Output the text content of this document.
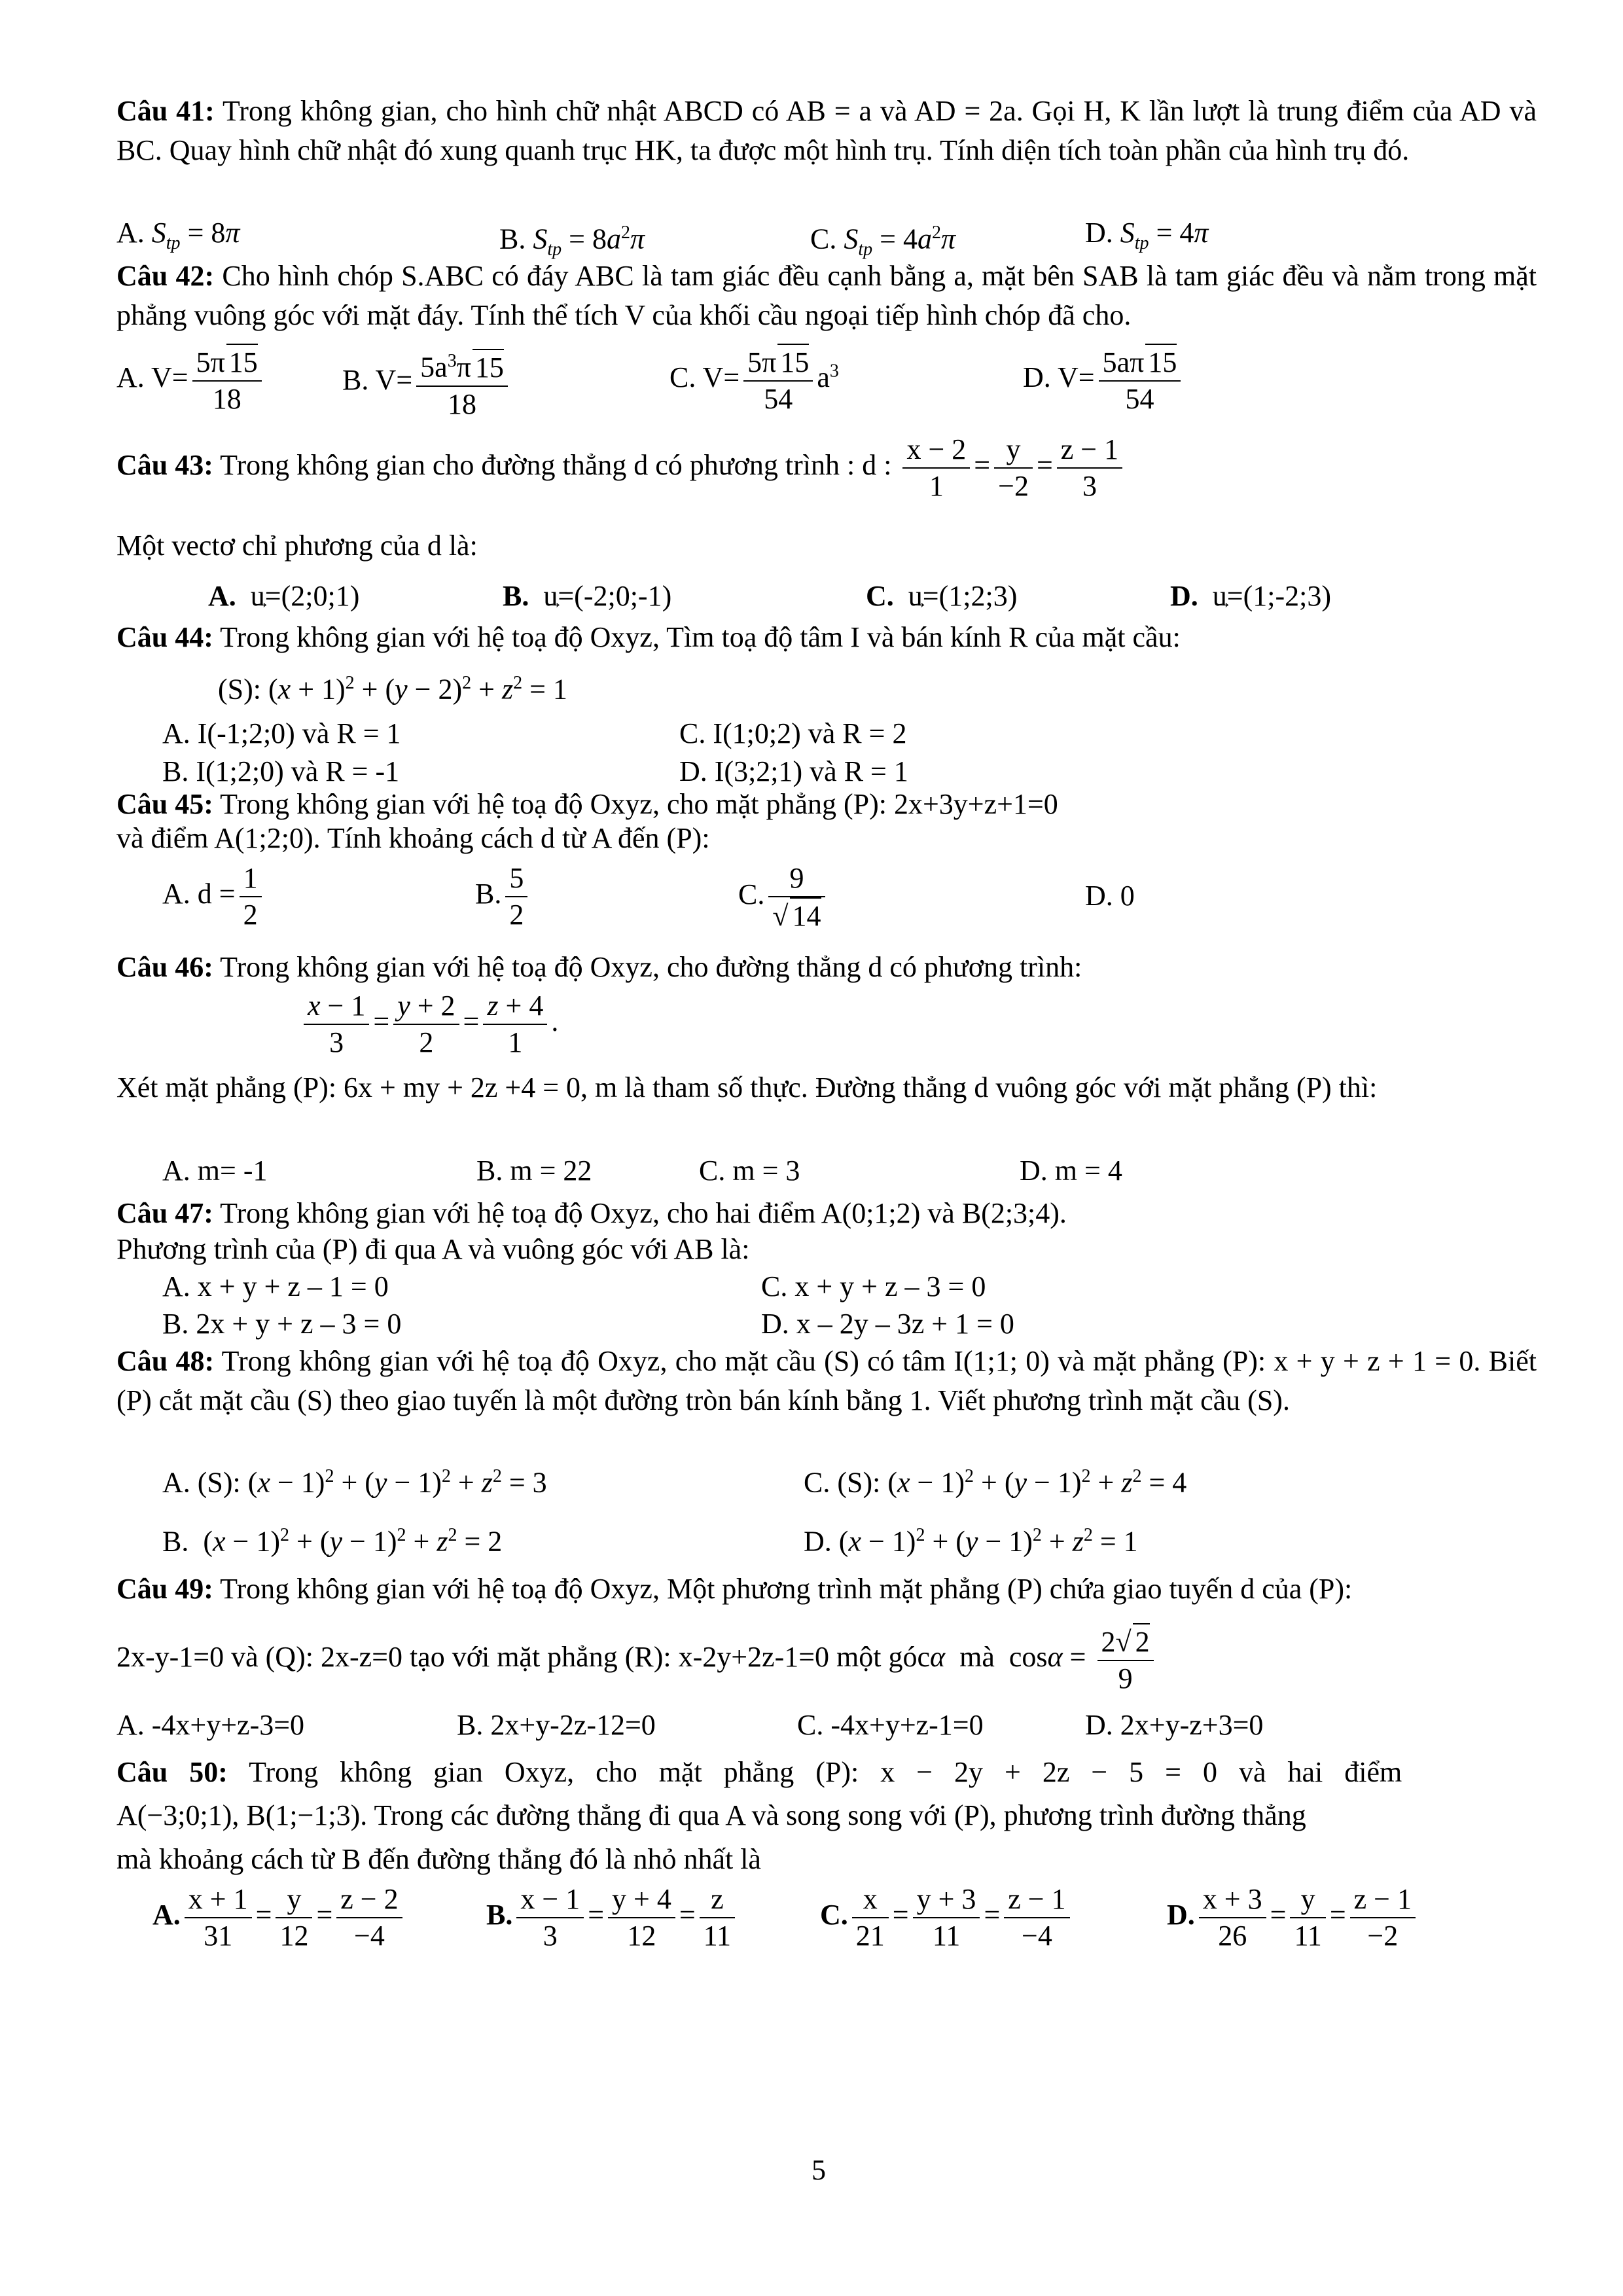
Câu 41: Trong không gian, cho hình chữ nhật ABCD có AB = a và AD = 2a. Gọi H, K lần lượt là trung điểm của AD và BC. Quay hình chữ nhật đó xung quanh trục HK, ta được một hình trụ. Tính diện tích toàn phần của hình trụ đó.
A. $S_{tp} = 8\pi$	B. $S_{tp} = 8a^2\pi$	C. $S_{tp} = 4a^2\pi$	D. $S_{tp} = 4\pi$
Câu 42: Cho hình chóp S.ABC có đáy ABC là tam giác đều cạnh bằng a, mặt bên SAB là tam giác đều và nằm trong mặt phẳng vuông góc với mặt đáy. Tính thể tích V của khối cầu ngoại tiếp hình chóp đã cho.
A. $V= \frac{5\pi 15}{18}$	B. $V= \frac{5a^3\pi 15}{18}$	C. $V= \frac{5\pi 15}{54} a^3$	D. $V= \frac{5a\pi 15}{54}$
Câu 43: Trong không gian cho đường thẳng d có phương trình : d : $\frac{x - 2}{1} = \frac{y}{-2} = \frac{z - 1}{3}$
Một vectơ chỉ phương của d là:
A. u=(2;0;1)	B. u=(-2;0;-1)	C. u=(1;2;3)	D. u=(1;-2;3)
Câu 44: Trong không gian với hệ toạ độ Oxyz, Tìm toạ độ tâm I và bán kính R của mặt cầu:
(S): $(x + 1)^2 + (y - 2)^2 + z^2 = 1$
A. I(-1;2;0) và R = 1	C. I(1;0;2) và R = 2
B. I(1;2;0) và R = -1	D. I(3;2;1) và R = 1
Câu 45: Trong không gian với hệ toạ độ Oxyz, cho mặt phẳng (P): 2x+3y+z+1=0
và điểm A(1;2;0). Tính khoảng cách d từ A đến (P):
A. $d = \frac{1}{2}$	B. $\frac{5}{2}$	C. $\frac{9}{√ 14}$	D. 0
Câu 46: Trong không gian với hệ toạ độ Oxyz, cho đường thẳng d có phương trình:
$\frac{x - 1}{3} = \frac{y + 2}{2} = \frac{z + 4}{1}$ .
Xét mặt phẳng (P): 6x + my + 2z +4 = 0, m là tham số thực. Đường thẳng d vuông góc với mặt phẳng (P) thì:
A. m= -1	B. m = 22	C. m = 3	D. m = 4
Câu 47: Trong không gian với hệ toạ độ Oxyz, cho hai điểm A(0;1;2) và B(2;3;4).
Phương trình của (P) đi qua A và vuông góc với AB là:
A. x + y + z – 1 = 0	C. x + y + z – 3 = 0
B. 2x + y + z – 3 = 0	D. x – 2y – 3z + 1 = 0
Câu 48: Trong không gian với hệ toạ độ Oxyz, cho mặt cầu (S) có tâm I(1;1; 0) và mặt phẳng (P): x + y + z + 1 = 0. Biết (P) cắt mặt cầu (S) theo giao tuyến là một đường tròn bán kính bằng 1. Viết phương trình mặt cầu (S).
A. (S): $(x - 1)^2 + (y - 1)^2 + z^2 = 3$	C. (S): $(x - 1)^2 + (y - 1)^2 + z^2 = 4$
B.  $(x - 1)^2 + (y - 1)^2 + z^2 = 2$	D. $(x - 1)^2 + (y - 1)^2 + z^2 = 1$
Câu 49: Trong không gian với hệ toạ độ Oxyz, Một phương trình mặt phẳng (P) chứa giao tuyến d của (P):
2x-y-1=0 và (Q): 2x-z=0 tạo với mặt phẳng (R): x-2y+2z-1=0 một gócα mà  $\cos\alpha = \frac{2√ 2}{9}$
A. -4x+y+z-3=0	B. 2x+y-2z-12=0	C. -4x+y+z-1=0	D. 2x+y-z+3=0
Câu 50: Trong không gian Oxyz, cho mặt phẳng (P): x − 2y + 2z − 5 = 0 và hai điểm
A(−3;0;1), B(1;−1;3). Trong các đường thẳng đi qua A và song song với (P), phương trình đường thẳng
mà khoảng cách từ B đến đường thẳng đó là nhỏ nhất là
A. $\frac{x + 1}{31} = \frac{y}{12} = \frac{z - 2}{-4}$	B. $\frac{x - 1}{3} = \frac{y + 4}{12} = \frac{z}{11}$	C. $\frac{x}{21} = \frac{y + 3}{11} = \frac{z - 1}{-4}$	D. $\frac{x + 3}{26} = \frac{y}{11} = \frac{z - 1}{-2}$
5
